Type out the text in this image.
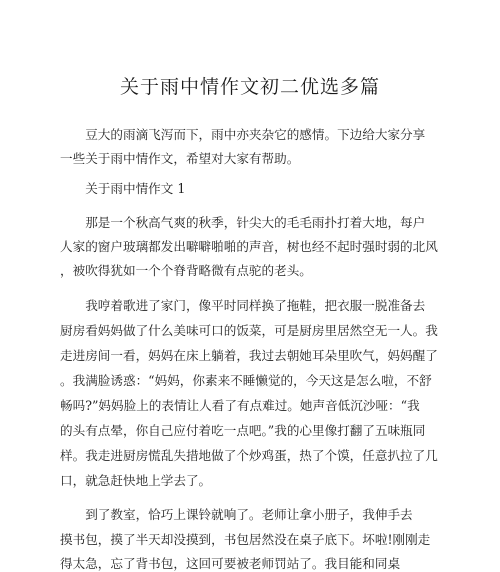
关于雨中情作文初二优选多篇
　　豆大的雨滴飞泻而下，雨中亦夹杂它的感情。下边给大家分享
一些关于雨中情作文，希望对大家有帮助。
　　关于雨中情作文 1
　　那是一个秋高气爽的秋季，针尖大的毛毛雨扑打着大地，每户
人家的窗户玻璃都发出噼噼啪啪的声音，树也经不起时强时弱的北风
，被吹得犹如一个个脊背略微有点驼的老头。
　　我哼着歌进了家门，像平时同样换了拖鞋，把衣服一脱准备去
厨房看妈妈做了什么美味可口的饭菜，可是厨房里居然空无一人。我
走进房间一看，妈妈在床上躺着，我过去朝她耳朵里吹气，妈妈醒了
。我满脸诱惑：“妈妈，你素来不睡懒觉的，今天这是怎么啦，不舒
畅吗?”妈妈脸上的表情让人看了有点难过。她声音低沉沙哑：“我
的头有点晕，你自己应付着吃一点吧。”我的心里像打翻了五味瓶同
样。我走进厨房慌乱失措地做了个炒鸡蛋，热了个馍，任意扒拉了几
口，就急赶快地上学去了。
　　到了教室，恰巧上课铃就响了。老师让拿小册子，我伸手去
摸书包，摸了半天却没摸到，书包居然没在桌子底下。坏啦!刚刚走
得太急，忘了背书包，这回可要被老师罚站了。我目能和同桌
